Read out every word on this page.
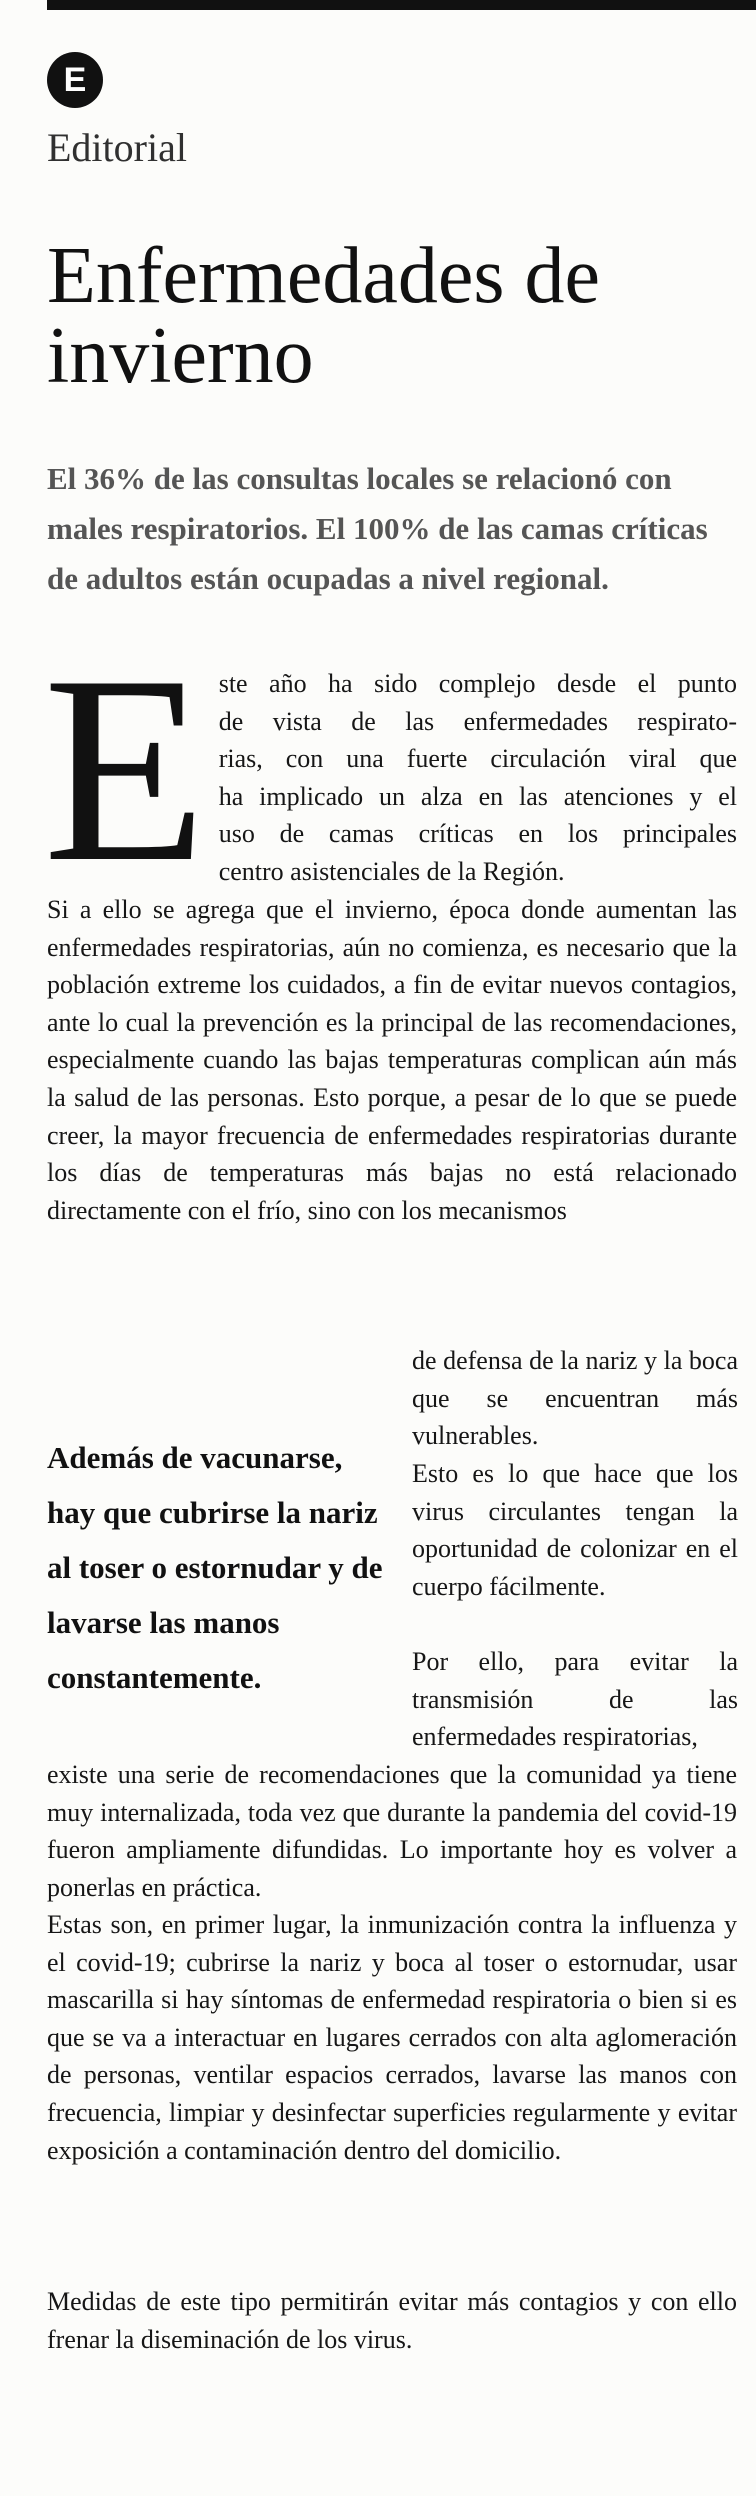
E
Editorial
Enfermedades de invierno

El 36% de las consultas locales se relacionó con males respiratorios. El 100% de las camas críticas de adultos están ocupadas a nivel regional.

E ste año ha sido complejo desde el punto
de vista de las enfermedades respirato-
rias, con una fuerte circulación viral que
ha implicado un alza en las atenciones y el
uso de camas críticas en los principales
centro asistenciales de la Región.

Si a ello se agrega que el invierno, época donde aumentan las enfermedades respiratorias, aún no comienza, es necesario que la población extreme los cuidados, a fin de evitar nuevos contagios, ante lo cual la prevención es la principal de las recomendaciones, especialmente cuando las bajas temperaturas complican aún más la salud de las personas. Esto porque, a pesar de lo que se puede creer, la mayor frecuencia de enfermedades respiratorias durante los días de temperaturas más bajas no está relacionado directamente con el frío, sino con los mecanismos

Además de vacunarse, hay que cubrirse la nariz al toser o estornudar y de lavarse las manos constantemente.

de defensa de la nariz y la boca que se encuentran más vulnerables.

Esto es lo que hace que los virus circulantes tengan la oportunidad de colonizar en el cuerpo fácilmente.

Por ello, para evitar la transmisión de las enfermedades respiratorias,

existe una serie de recomendaciones que la comunidad ya tiene muy internalizada, toda vez que durante la pandemia del covid-19 fueron ampliamente difundidas. Lo importante hoy es volver a ponerlas en práctica.

Estas son, en primer lugar, la inmunización contra la influenza y el covid-19; cubrirse la nariz y boca al toser o estornudar, usar mascarilla si hay síntomas de enfermedad respiratoria o bien si es que se va a interactuar en lugares cerrados con alta aglomeración de personas, ventilar espacios cerrados, lavarse las manos con frecuencia, limpiar y desinfectar superficies regularmente y evitar exposición a contaminación dentro del domicilio.

Medidas de este tipo permitirán evitar más contagios y con ello frenar la diseminación de los virus.
